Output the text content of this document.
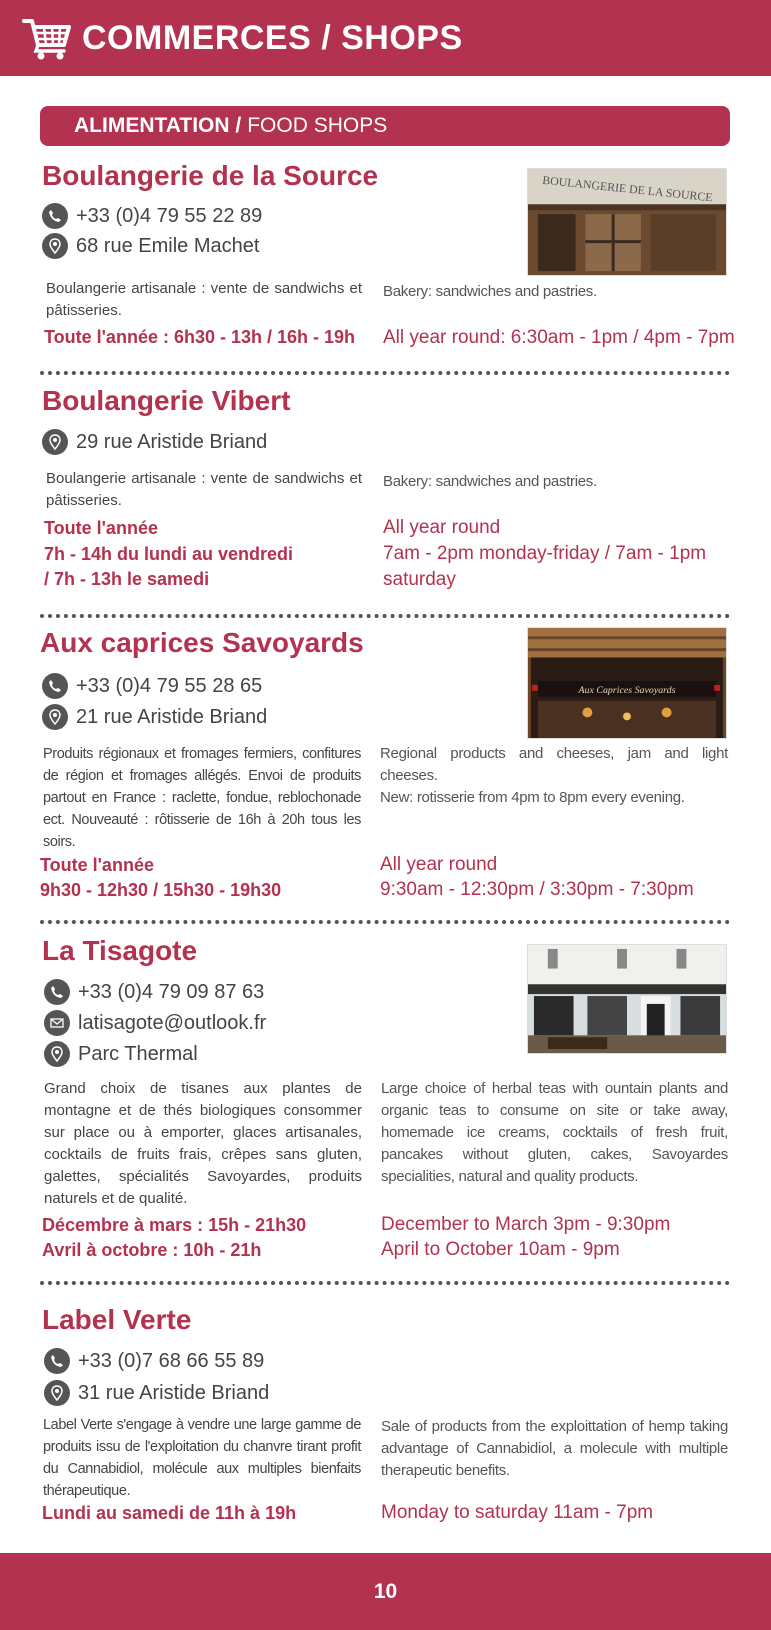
COMMERCES / SHOPS
ALIMENTATION / FOOD SHOPS
Boulangerie de la Source
+33 (0)4 79 55 22 89
68 rue Emile Machet
BOULANGERIE DE LA SOURCE
Boulangerie artisanale : vente de sandwichs et pâtisseries.
Bakery: sandwiches and pastries.
Toute l'année : 6h30 - 13h / 16h - 19h All year round: 6:30am - 1pm / 4pm - 7pm
Boulangerie Vibert
29 rue Aristide Briand
Boulangerie artisanale : vente de sandwichs et pâtisseries.
Bakery: sandwiches and pastries.
Toute l'année
7h - 14h du lundi au vendredi
/ 7h - 13h le samedi
All year round
7am - 2pm monday-friday / 7am - 1pm saturday
Aux caprices Savoyards
+33 (0)4 79 55 28 65
21 rue Aristide Briand
Aux Caprices Savoyards
Produits régionaux et fromages fermiers, confitures de région et fromages allégés. Envoi de produits partout en France : raclette, fondue, reblochonade ect. Nouveauté : rôtisserie de 16h à 20h tous les soirs.
Regional products and cheeses, jam and light cheeses.
New: rotisserie from 4pm to 8pm every evening.
Toute l'année
9h30 - 12h30 / 15h30 - 19h30
All year round
9:30am - 12:30pm / 3:30pm - 7:30pm
La Tisagote
+33 (0)4 79 09 87 63
latisagote@outlook.fr
Parc Thermal
Grand choix de tisanes aux plantes de montagne et de thés biologiques consommer sur place ou à emporter, glaces artisanales, cocktails de fruits frais, crêpes sans gluten, galettes, spécialités Savoyardes, produits naturels et de qualité.
Large choice of herbal teas with ountain plants and organic teas to consume on site or take away, homemade ice creams, cocktails of fresh fruit, pancakes without gluten, cakes, Savoyardes specialities, natural and quality products.
Décembre à mars : 15h - 21h30
Avril à octobre : 10h - 21h
December to March 3pm - 9:30pm
April to October 10am - 9pm
Label Verte
+33 (0)7 68 66 55 89
31 rue Aristide Briand
Label Verte s'engage à vendre une large gamme de produits issu de l'exploitation du chanvre tirant profit du Cannabidiol, molécule aux multiples bienfaits thérapeutique.
Sale of products from the exploittation of hemp taking advantage of Cannabidiol, a molecule with multiple therapeutic benefits.
Lundi au samedi de 11h à 19h	Monday to saturday 11am - 7pm
10
